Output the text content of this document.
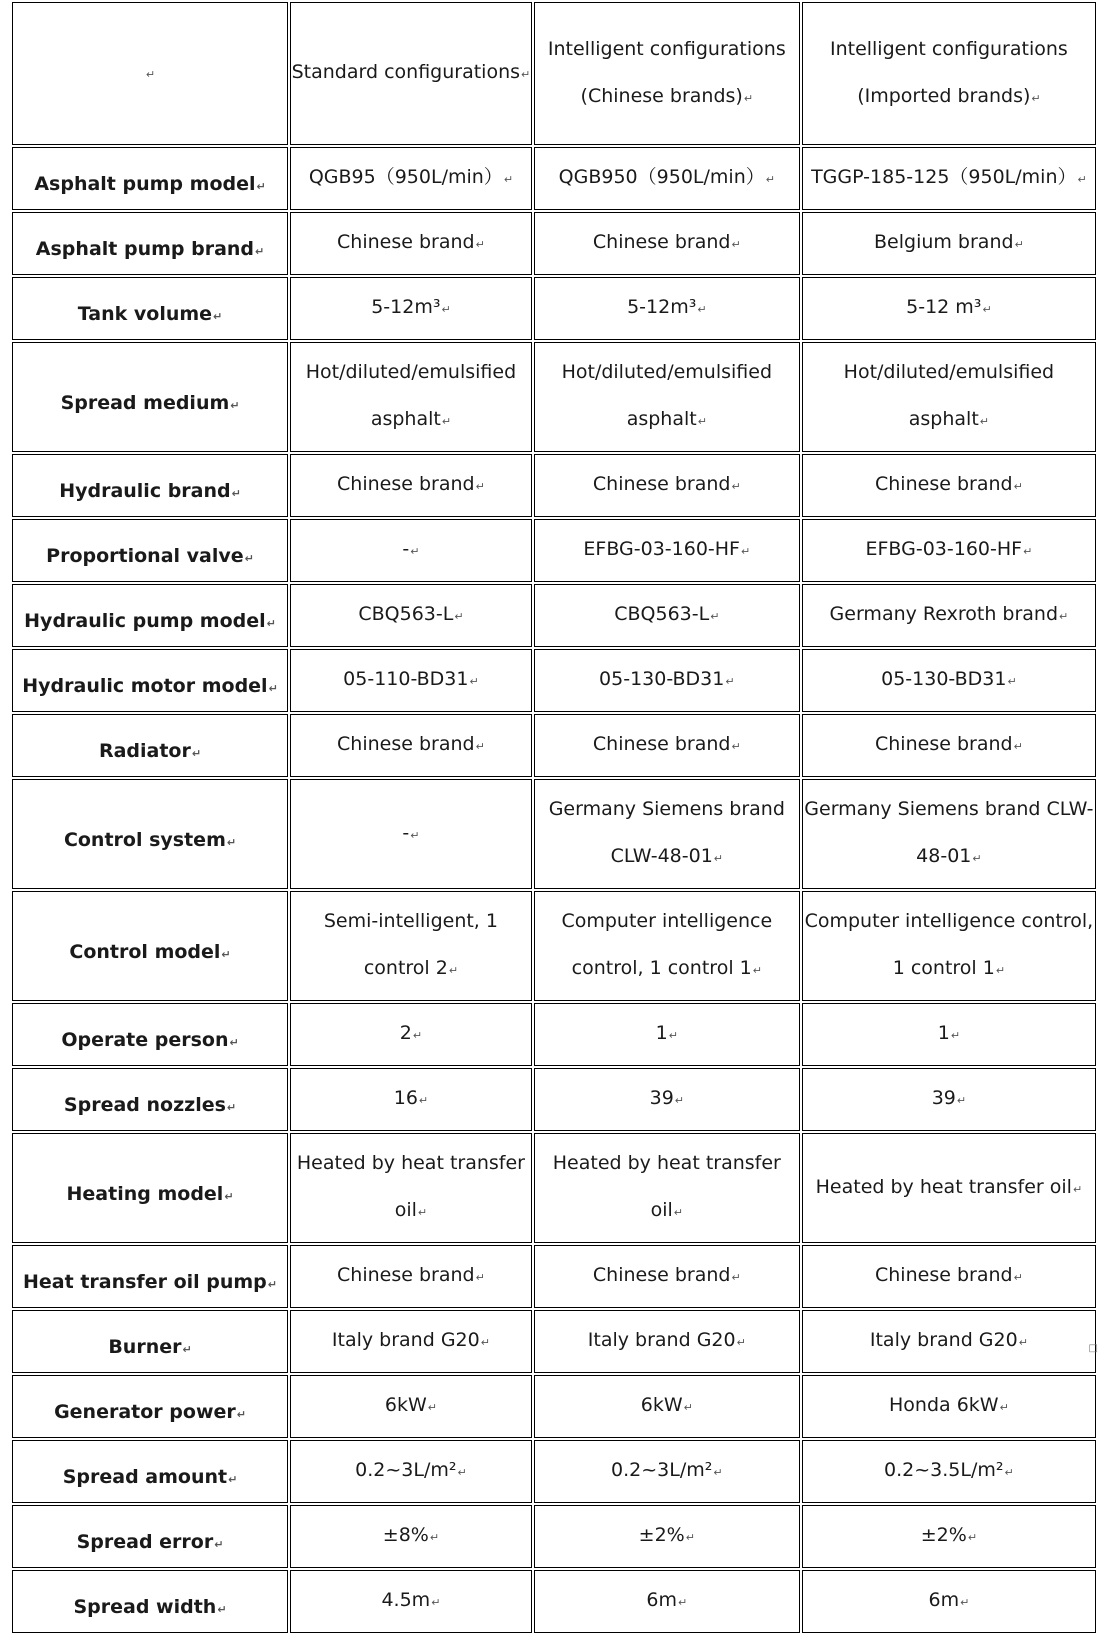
↵	Standard configurations↵	Intelligent configurations (Chinese brands)↵	Intelligent configurations (Imported brands)↵
Asphalt pump model↵	QGB95（950L/min）↵	QGB950（950L/min）↵	TGGP-185-125（950L/min）↵
Asphalt pump brand↵	Chinese brand↵	Chinese brand↵	Belgium brand↵
Tank volume↵	5-12m³↵	5-12m³↵	5-12 m³↵
Spread medium↵	Hot/diluted/emulsified asphalt↵	Hot/diluted/emulsified asphalt↵	Hot/diluted/emulsified asphalt↵
Hydraulic brand↵	Chinese brand↵	Chinese brand↵	Chinese brand↵
Proportional valve↵	-↵	EFBG-03-160-HF↵	EFBG-03-160-HF↵
Hydraulic pump model↵	CBQ563-L↵	CBQ563-L↵	Germany Rexroth brand↵
Hydraulic motor model↵	05-110-BD31↵	05-130-BD31↵	05-130-BD31↵
Radiator↵	Chinese brand↵	Chinese brand↵	Chinese brand↵
Control system↵	-↵	Germany Siemens brand CLW-48-01↵	Germany Siemens brand CLW-48-01↵
Control model↵	Semi-intelligent, 1 control 2↵	Computer intelligence control, 1 control 1↵	Computer intelligence control, 1 control 1↵
Operate person↵	2↵	1↵	1↵
Spread nozzles↵	16↵	39↵	39↵
Heating model↵	Heated by heat transfer oil↵	Heated by heat transfer oil↵	Heated by heat transfer oil↵
Heat transfer oil pump↵	Chinese brand↵	Chinese brand↵	Chinese brand↵
Burner↵	Italy brand G20↵	Italy brand G20↵	Italy brand G20↵
Generator power↵	6kW↵	6kW↵	Honda 6kW↵
Spread amount↵	0.2~3L/m²↵	0.2~3L/m²↵	0.2~3.5L/m²↵
Spread error↵	±8%↵	±2%↵	±2%↵
Spread width↵	4.5m↵	6m↵	6m↵
□
